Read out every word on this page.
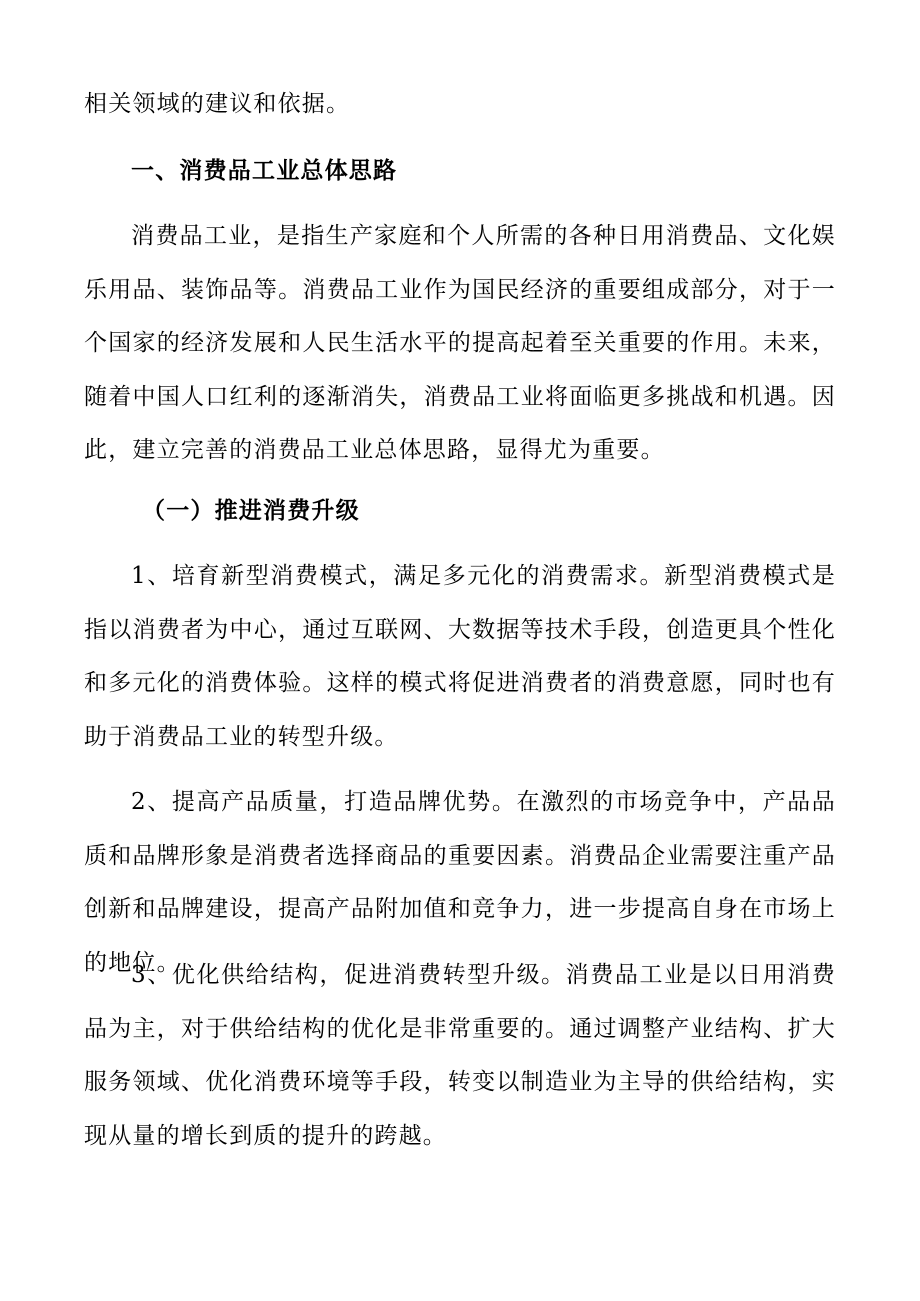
相关领域的建议和依据。

一、消费品工业总体思路

消费品工业，是指生产家庭和个人所需的各种日用消费品、文化娱乐用品、装饰品等。消费品工业作为国民经济的重要组成部分，对于一个国家的经济发展和人民生活水平的提高起着至关重要的作用。未来，随着中国人口红利的逐渐消失，消费品工业将面临更多挑战和机遇。因此，建立完善的消费品工业总体思路，显得尤为重要。

（一）推进消费升级

1、培育新型消费模式，满足多元化的消费需求。新型消费模式是指以消费者为中心，通过互联网、大数据等技术手段，创造更具个性化和多元化的消费体验。这样的模式将促进消费者的消费意愿，同时也有助于消费品工业的转型升级。

2、提高产品质量，打造品牌优势。在激烈的市场竞争中，产品品质和品牌形象是消费者选择商品的重要因素。消费品企业需要注重产品创新和品牌建设，提高产品附加值和竞争力，进一步提高自身在市场上的地位。

3、优化供给结构，促进消费转型升级。消费品工业是以日用消费品为主，对于供给结构的优化是非常重要的。通过调整产业结构、扩大服务领域、优化消费环境等手段，转变以制造业为主导的供给结构，实现从量的增长到质的提升的跨越。
